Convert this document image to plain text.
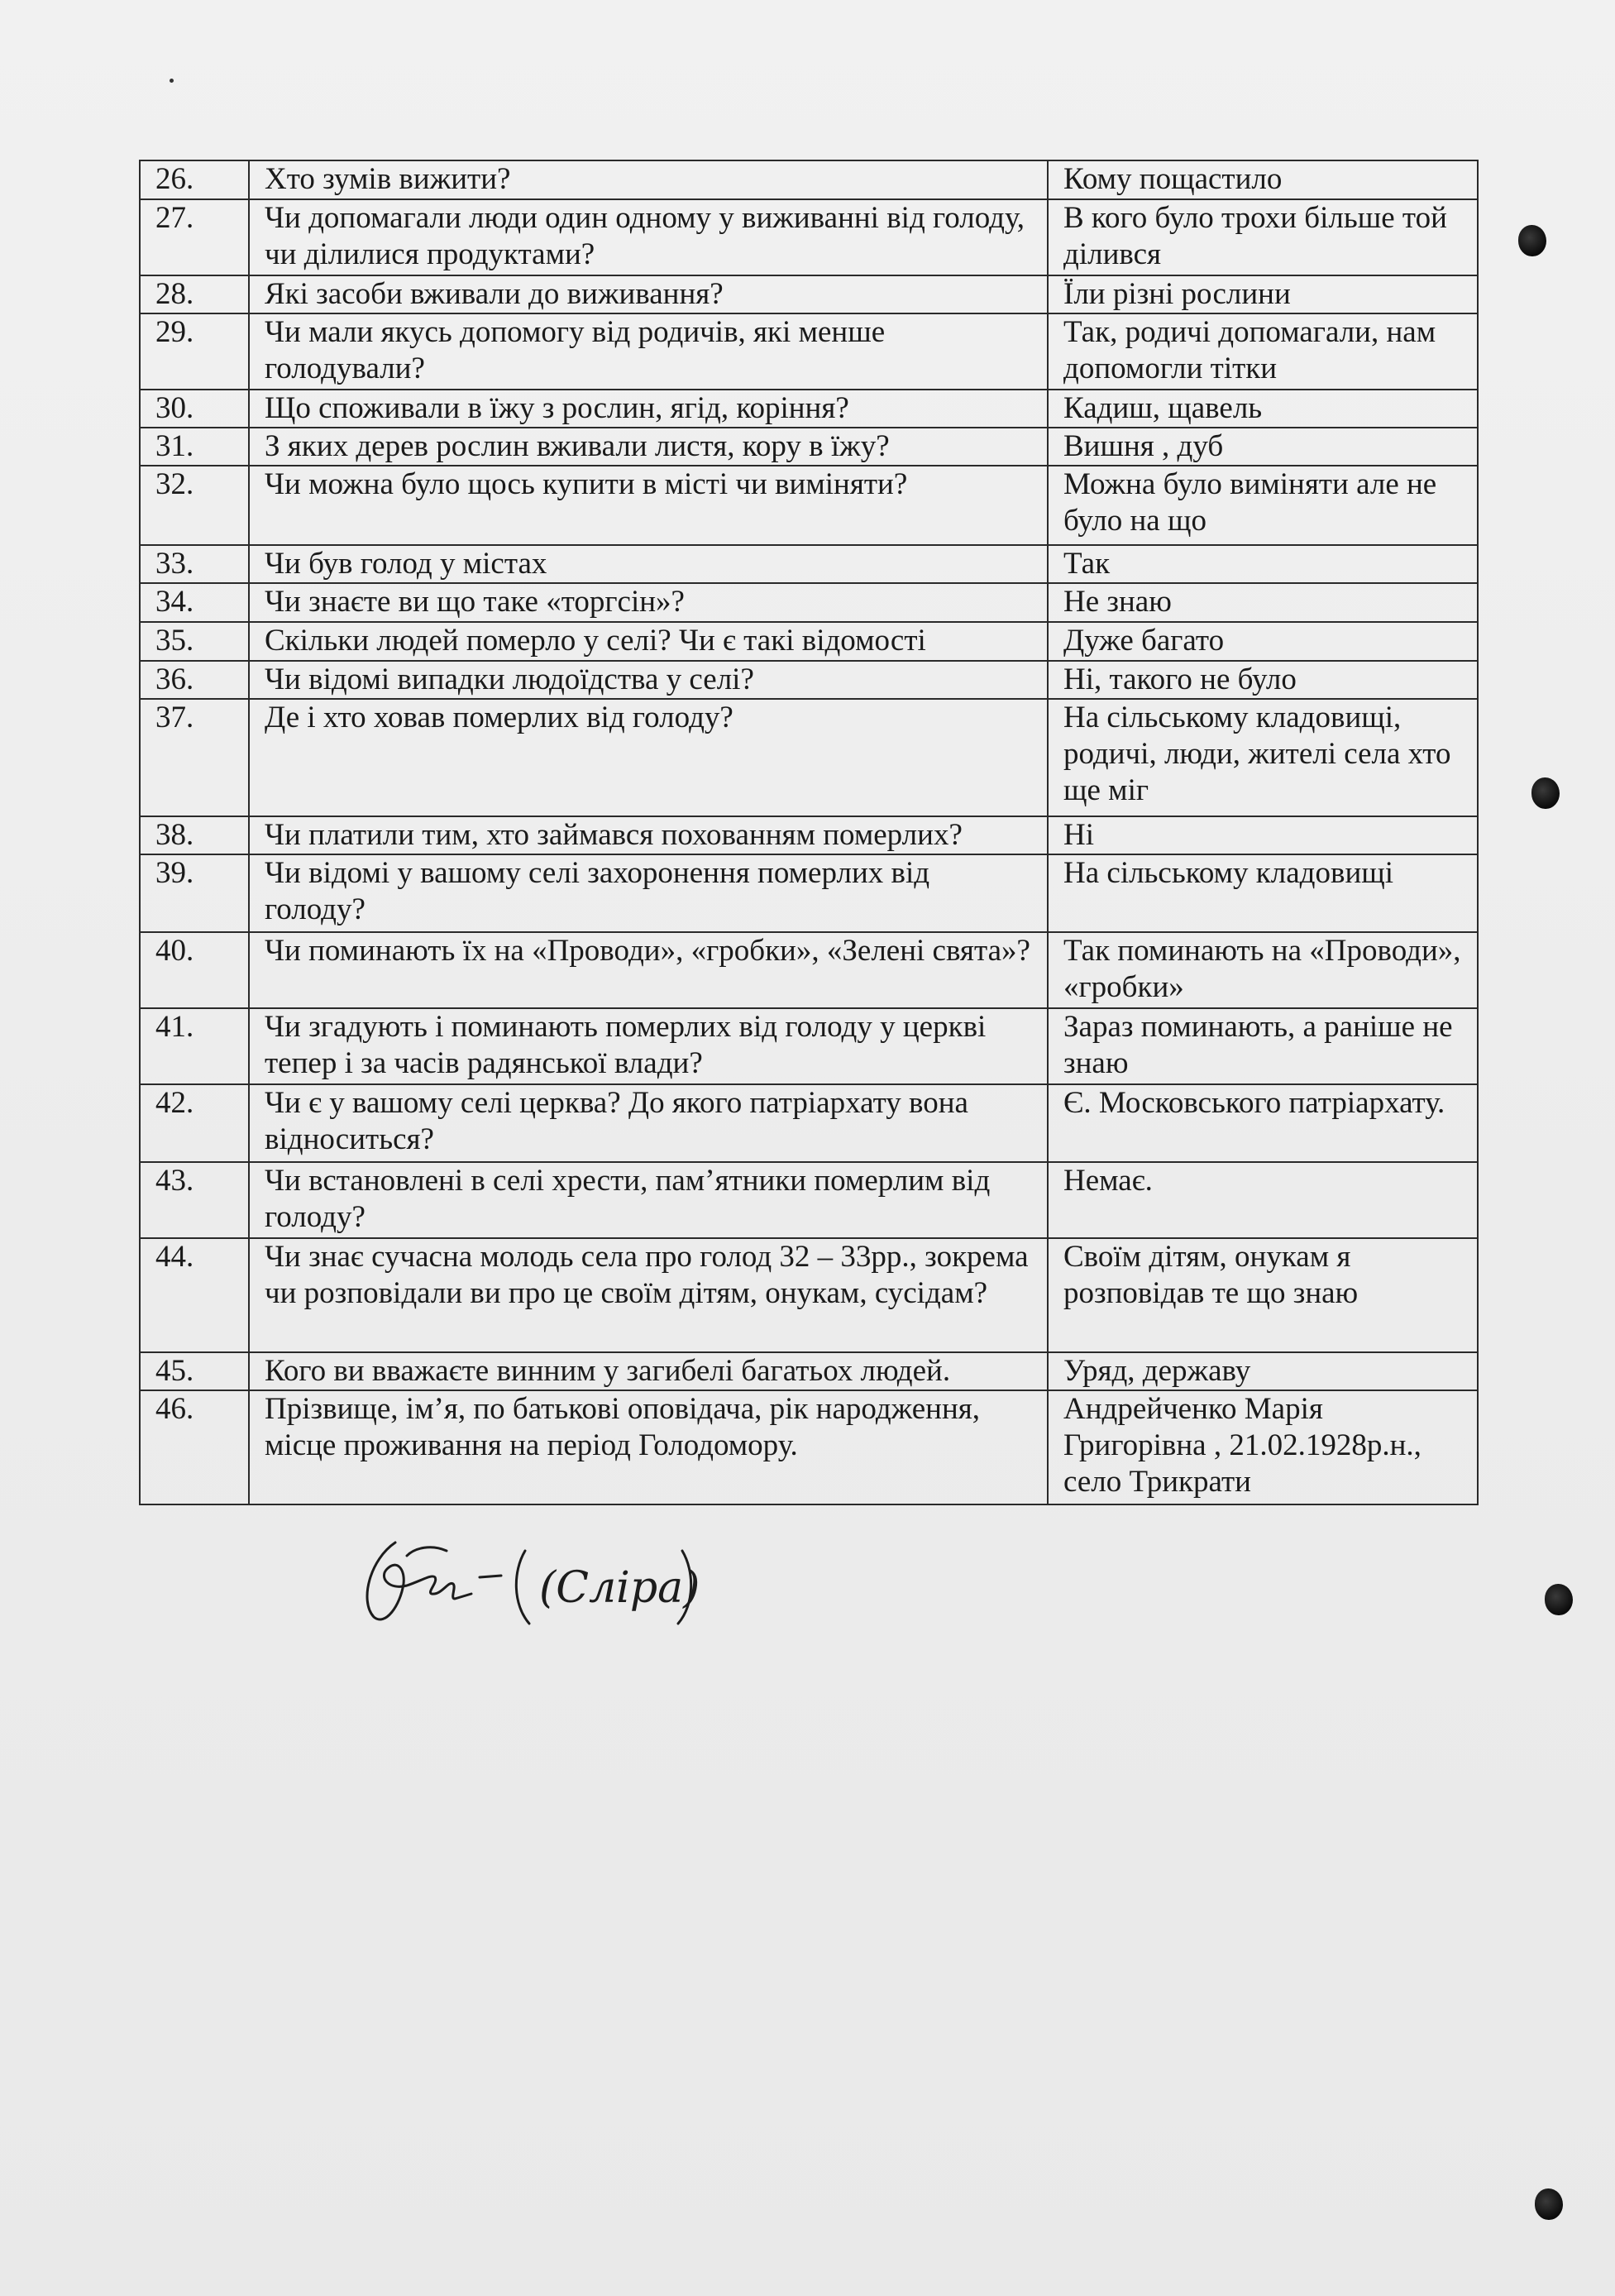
26.	Хто зумів вижити?	Кому пощастило
27.	Чи допомагали люди один одному у виживанні від голоду, чи ділилися продуктами?	В кого було трохи більше той ділився
28.	Які засоби вживали до виживання?	Їли різні рослини
29.	Чи мали якусь допомогу від родичів, які менше голодували?	Так, родичі допомагали, нам допомогли тітки
30.	Що споживали в їжу з рослин, ягід, коріння?	Кадиш, щавель
31.	З яких дерев рослин вживали листя, кору в їжу?	Вишня , дуб
32.	Чи можна було щось купити в місті чи виміняти?	Можна було виміняти але не було на що
33.	Чи був голод у містах	Так
34.	Чи знаєте ви що таке «торгсін»?	Не знаю
35.	Скільки людей померло у селі? Чи є такі відомості	Дуже багато
36.	Чи відомі випадки людоїдства у селі?	Ні, такого не було
37.	Де і хто ховав померлих від голоду?	На сільському кладовищі, родичі, люди, жителі села хто ще міг
38.	Чи платили тим, хто займався похованням померлих?	Ні
39.	Чи відомі у вашому селі захоронення померлих від голоду?	На сільському кладовищі
40.	Чи поминають їх на «Проводи», «гробки», «Зелені свята»?	Так поминають на «Проводи», «гробки»
41.	Чи згадують і поминають померлих від голоду у церкві тепер і за часів радянської влади?	Зараз поминають, а раніше не знаю
42.	Чи є у вашому селі церква? До якого патріархату вона відноситься?	Є. Московського патріархату.
43.	Чи встановлені в селі хрести, пам’ятники померлим від голоду?	Немає.
44.	Чи знає сучасна молодь села про голод 32 – 33рр., зокрема чи розповідали ви про це своїм дітям, онукам, сусідам?	Своїм дітям, онукам я розповідав те що знаю
45.	Кого ви вважаєте винним у загибелі багатьох людей.	Уряд, державу
46.	Прізвище, ім’я, по батькові оповідача, рік народження, місце проживання на період Голодомору.	Андрейченко Марія Григорівна , 21.02.1928р.н., село Трикрати
(Сліра)
